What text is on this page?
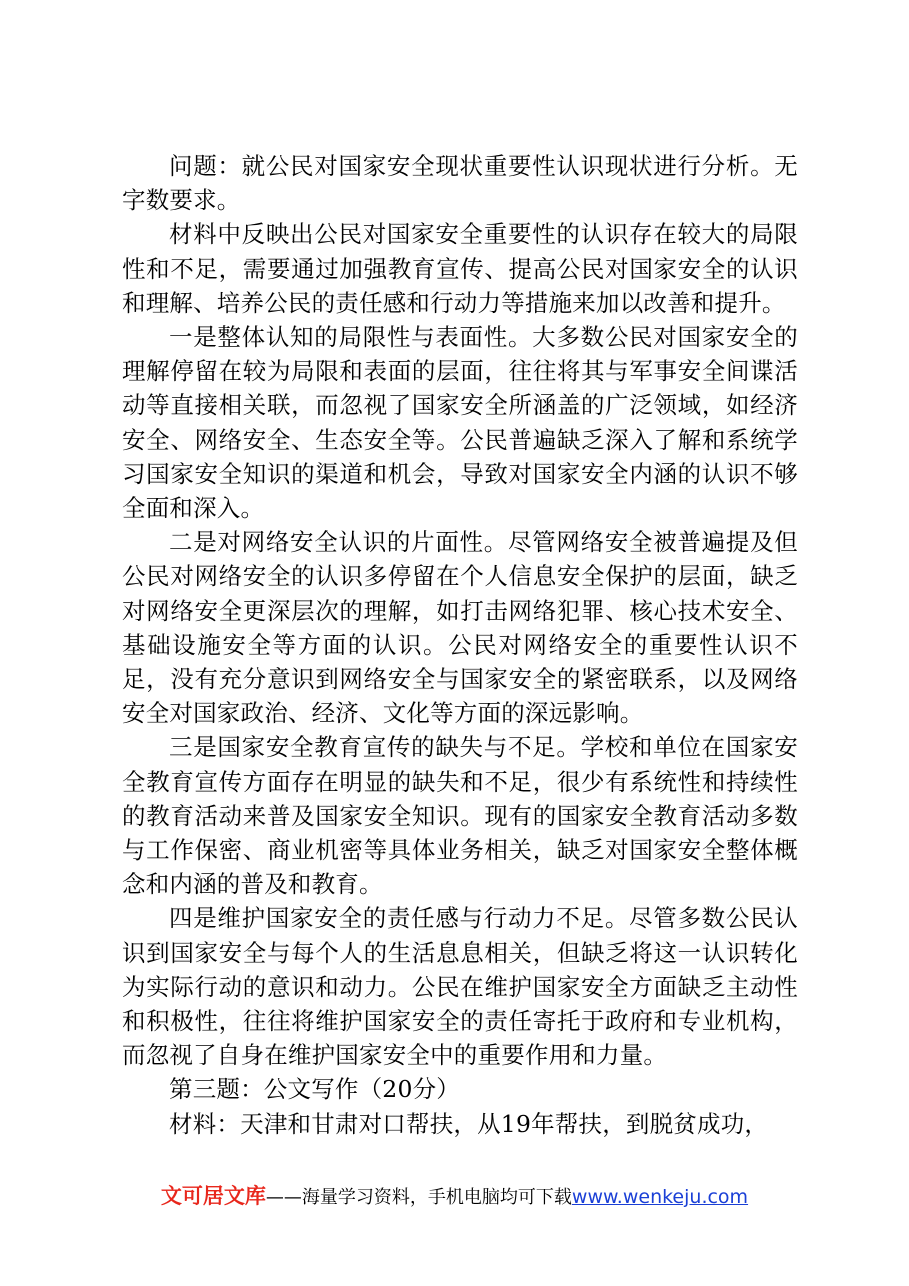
问题：就公民对国家安全现状重要性认识现状进行分析。无字数要求。

材料中反映出公民对国家安全重要性的认识存在较大的局限性和不足，需要通过加强教育宣传、提高公民对国家安全的认识和理解、培养公民的责任感和行动力等措施来加以改善和提升。

一是整体认知的局限性与表面性。大多数公民对国家安全的理解停留在较为局限和表面的层面，往往将其与军事安全间谍活动等直接相关联，而忽视了国家安全所涵盖的广泛领域，如经济安全、网络安全、生态安全等。公民普遍缺乏深入了解和系统学习国家安全知识的渠道和机会，导致对国家安全内涵的认识不够全面和深入。

二是对网络安全认识的片面性。尽管网络安全被普遍提及但公民对网络安全的认识多停留在个人信息安全保护的层面，缺乏对网络安全更深层次的理解，如打击网络犯罪、核心技术安全、基础设施安全等方面的认识。公民对网络安全的重要性认识不足，没有充分意识到网络安全与国家安全的紧密联系，以及网络安全对国家政治、经济、文化等方面的深远影响。

三是国家安全教育宣传的缺失与不足。学校和单位在国家安全教育宣传方面存在明显的缺失和不足，很少有系统性和持续性的教育活动来普及国家安全知识。现有的国家安全教育活动多数与工作保密、商业机密等具体业务相关，缺乏对国家安全整体概念和内涵的普及和教育。

四是维护国家安全的责任感与行动力不足。尽管多数公民认识到国家安全与每个人的生活息息相关，但缺乏将这一认识转化为实际行动的意识和动力。公民在维护国家安全方面缺乏主动性和积极性，往往将维护国家安全的责任寄托于政府和专业机构，而忽视了自身在维护国家安全中的重要作用和力量。

第三题：公文写作（20分）

材料：天津和甘肃对口帮扶，从19年帮扶，到脱贫成功，

文可居文库——海量学习资料，手机电脑均可下载www.wenkeju.com
